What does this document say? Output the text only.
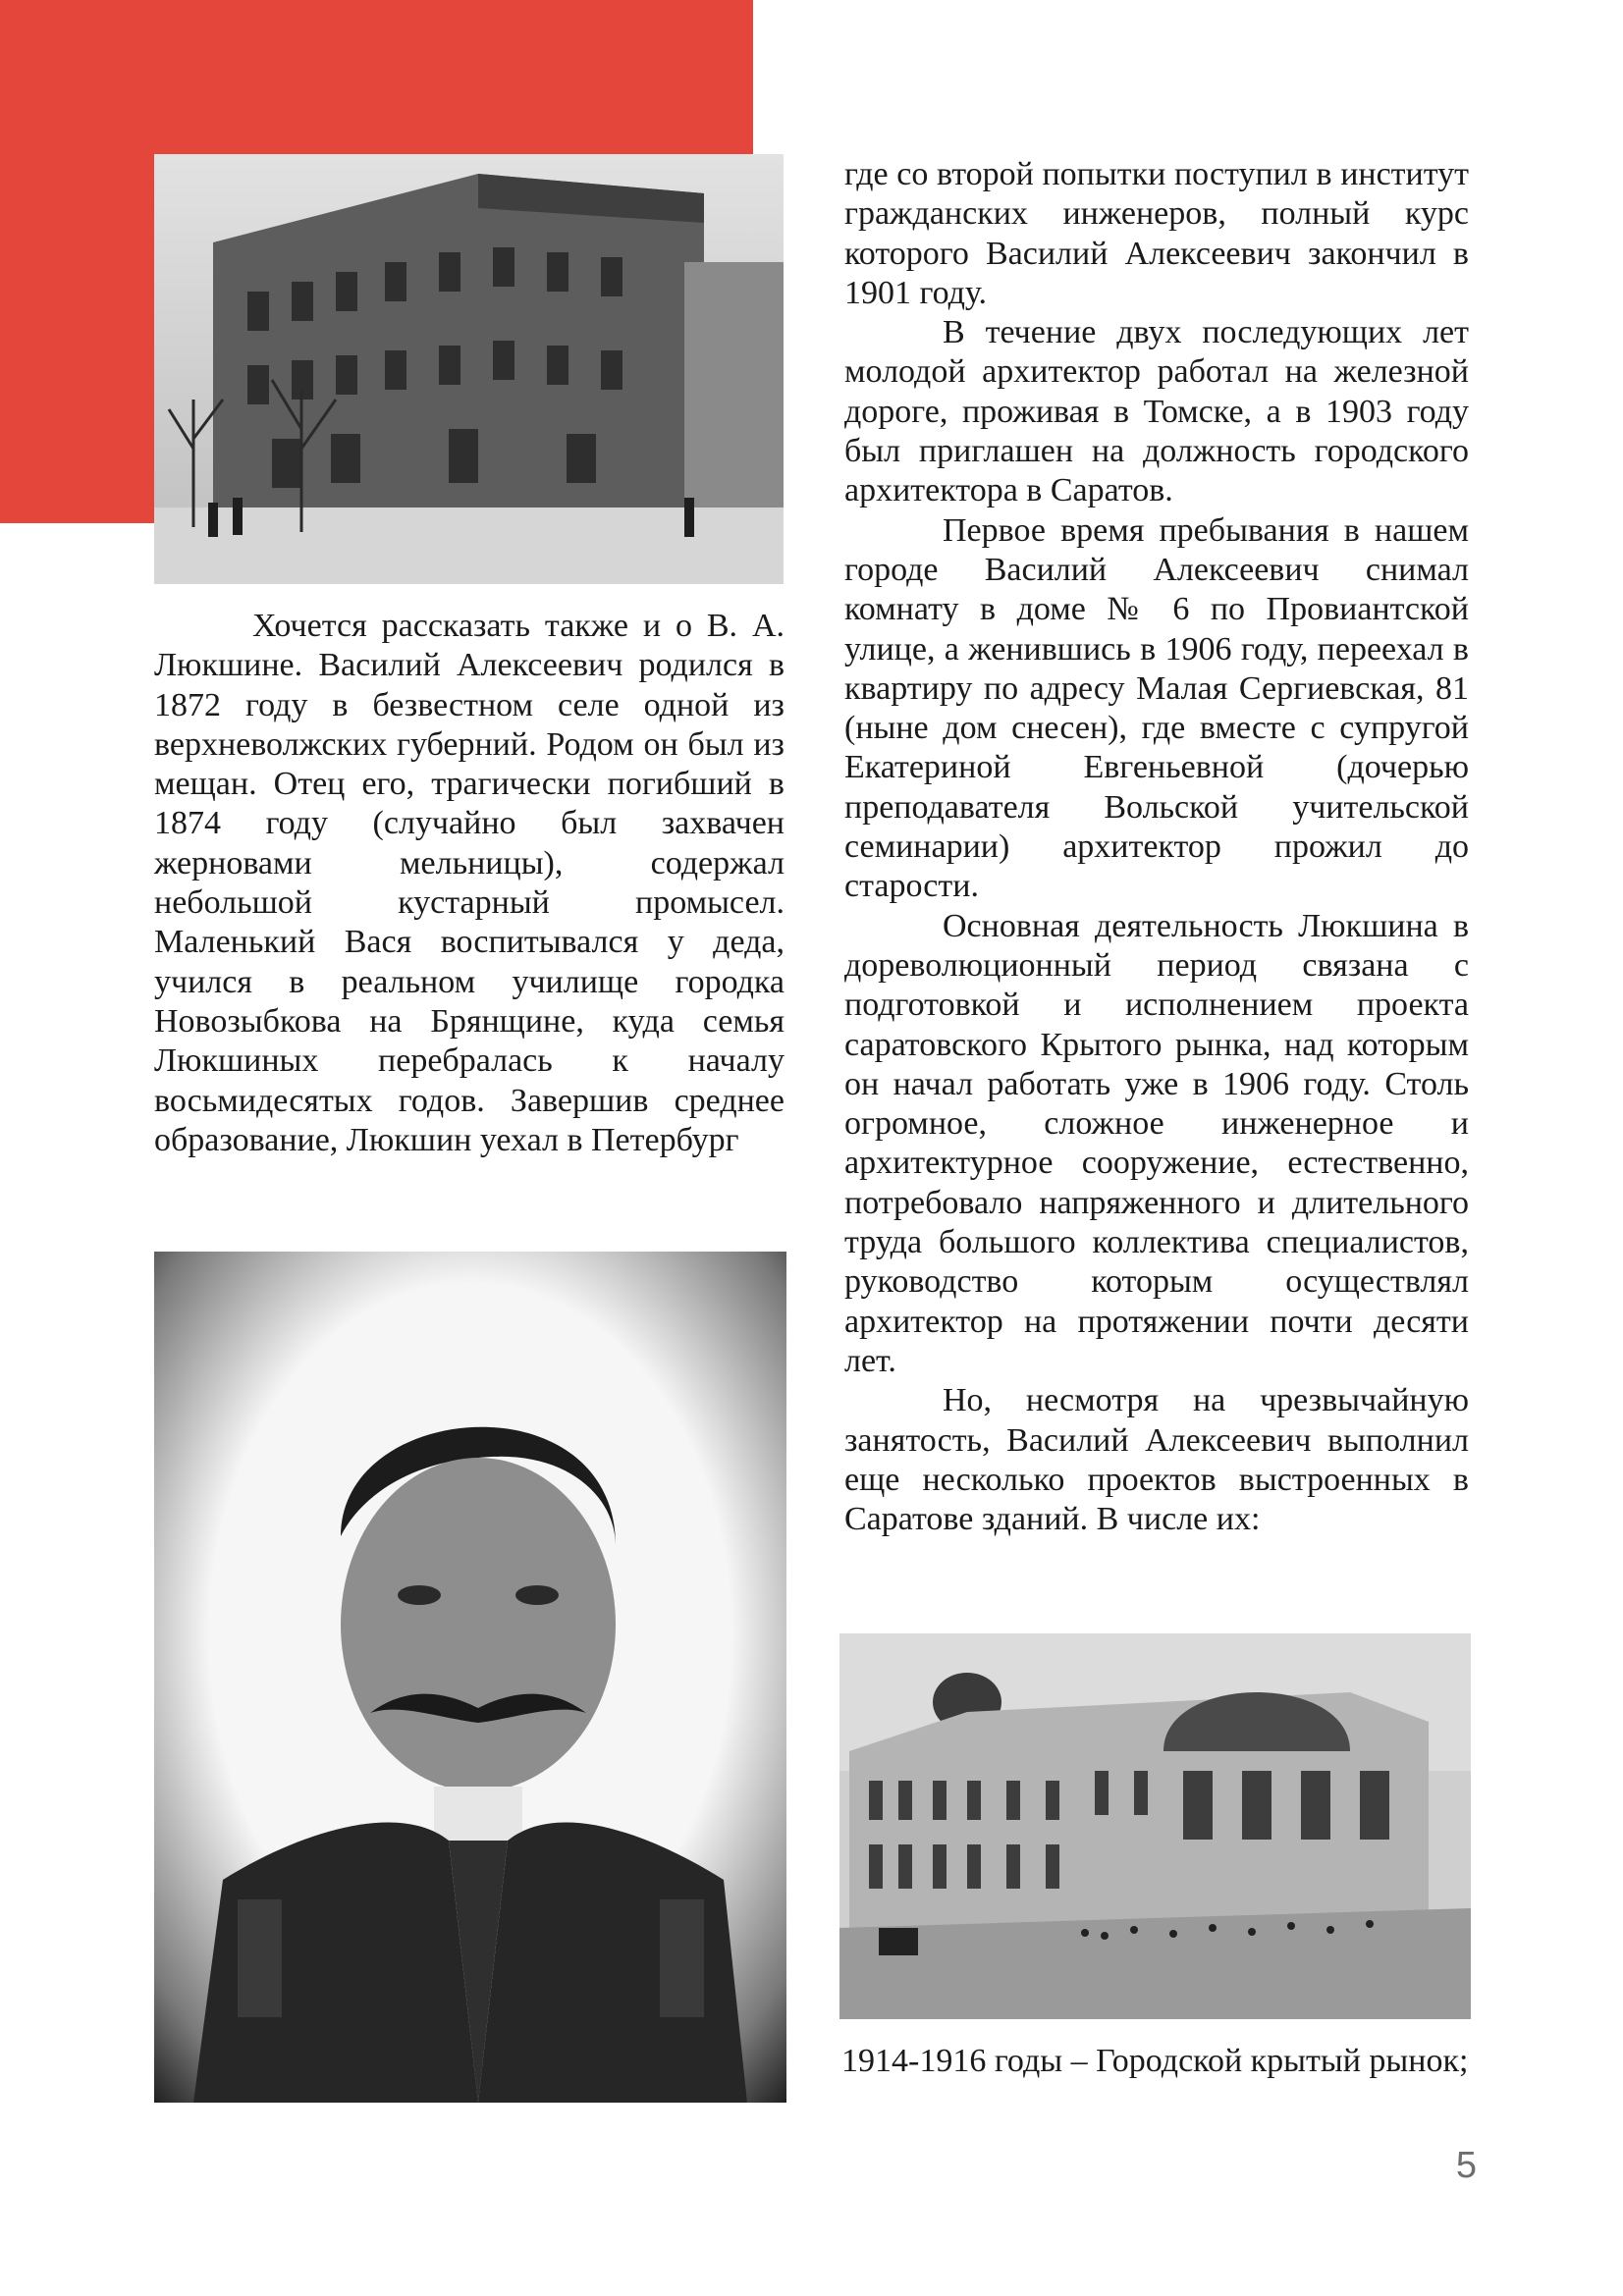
Хочется рассказать также и о В. А. Люкшине. Василий Алексеевич родился в 1872 году в безвестном селе одной из верхневолжских губерний. Родом он был из мещан. Отец его, трагически погибший в 1874 году (случайно был захвачен жерновами мельницы), содержал небольшой кустарный промысел. Маленький Вася воспитывался у деда, учился в реальном училище городка Новозыбкова на Брянщине, куда семья Люкшиных перебралась к началу восьмидесятых годов. Завершив среднее образование, Люкшин уехал в Петербург

где со второй попытки поступил в институт гражданских инженеров, полный курс которого Василий Алексеевич закончил в 1901 году.

В течение двух последующих лет молодой архитектор работал на железной дороге, проживая в Томске, а в 1903 году был приглашен на должность городского архитектора в Саратов.

Первое время пребывания в нашем городе Василий Алексеевич снимал комнату в доме № 6 по Провиантской улице, а женившись в 1906 году, переехал в квартиру по адресу Малая Сергиевская, 81 (ныне дом снесен), где вместе с супругой Екатериной Евгеньевной (дочерью преподавателя Вольской учительской семинарии) архитектор прожил до старости.

Основная деятельность Люкшина в дореволюционный период связана с подготовкой и исполнением проекта саратовского Крытого рынка, над которым он начал работать уже в 1906 году. Столь огромное, сложное инженерное и архитектурное сооружение, естественно, потребовало напряженного и длительного труда большого коллектива специалистов, руководство которым осуществлял архитектор на протяжении почти десяти лет.

Но, несмотря на чрезвычайную занятость, Василий Алексеевич выполнил еще несколько проектов выстроенных в Саратове зданий. В числе их:

1914-1916 годы – Городской крытый рынок;

5
